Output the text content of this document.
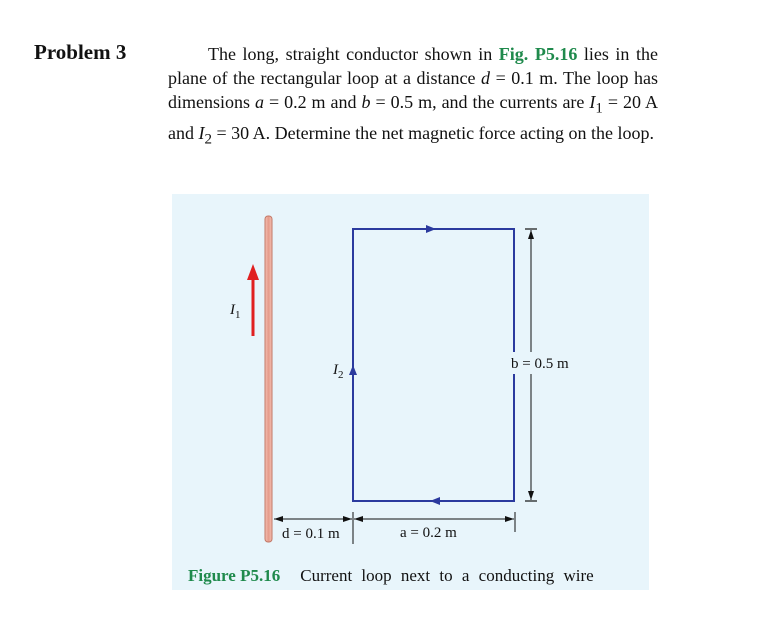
Problem 3	The long, straight conductor shown in Fig. P5.16 lies in the plane of the rectangular loop at a distance d = 0.1 m. The loop has dimensions a = 0.2 m and b = 0.5 m, and the currents are $I_1 = 20$ A and $I_2 = 30$ A. Determine the net magnetic force acting on the loop.

$I_1$
$I_2$
b = 0.5 m
d = 0.1 m	a = 0.2 m
Figure P5.16 Current loop next to a conducting wire
